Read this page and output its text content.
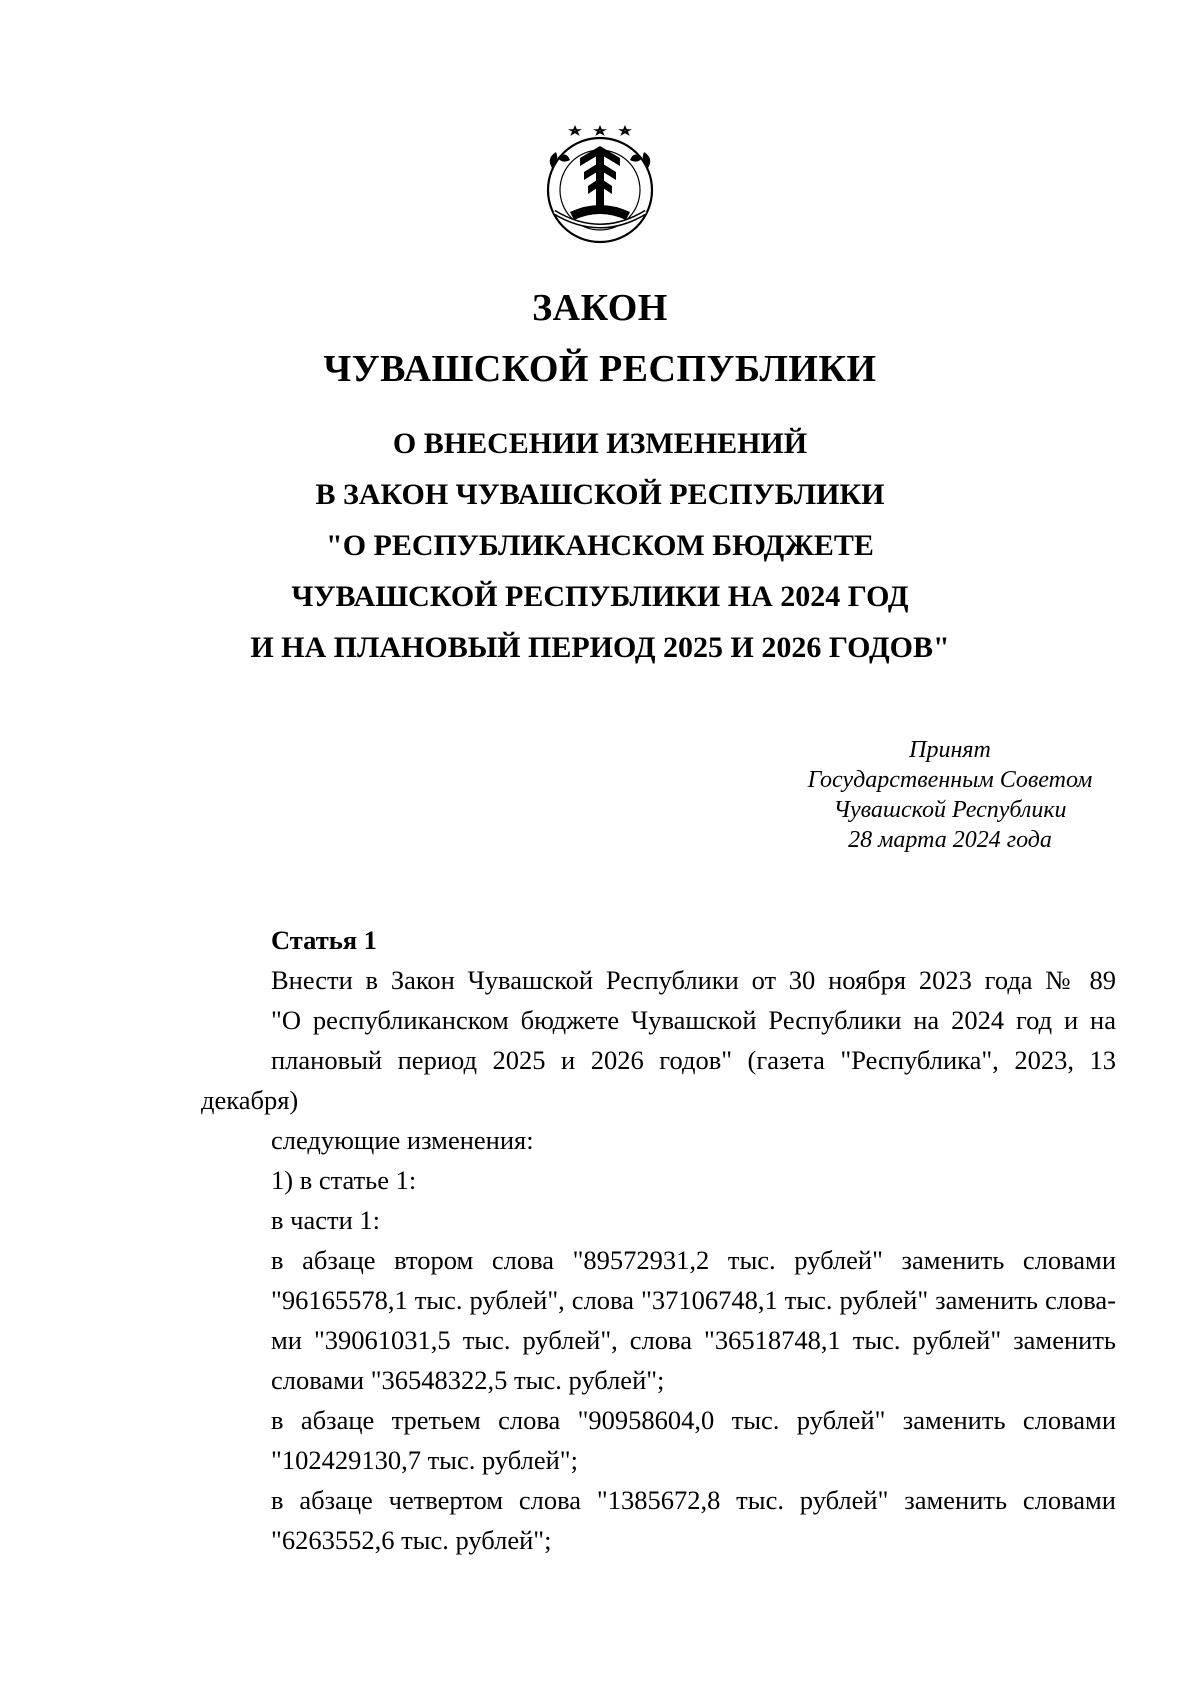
ЗАКОН
ЧУВАШСКОЙ РЕСПУБЛИКИ
О ВНЕСЕНИИ ИЗМЕНЕНИЙ
В ЗАКОН ЧУВАШСКОЙ РЕСПУБЛИКИ
"О РЕСПУБЛИКАНСКОМ БЮДЖЕТЕ
ЧУВАШСКОЙ РЕСПУБЛИКИ НА 2024 ГОД
И НА ПЛАНОВЫЙ ПЕРИОД 2025 И 2026 ГОДОВ"
Принят
Государственным Советом
Чувашской Республики
28 марта 2024 года

Статья 1

Внести в Закон Чувашской Республики от 30 ноября 2023 года № 89
"О республиканском бюджете Чувашской Республики на 2024 год и на
плановый период 2025 и 2026 годов" (газета "Республика", 2023, 13 декабря)
следующие изменения:
1) в статье 1:
в части 1:
в абзаце втором слова "89572931,2 тыс. рублей" заменить словами
"96165578,1 тыс. рублей", слова "37106748,1 тыс. рублей" заменить слова-
ми "39061031,5 тыс. рублей", слова "36518748,1 тыс. рублей" заменить
словами "36548322,5 тыс. рублей";
в абзаце третьем слова "90958604,0 тыс. рублей" заменить словами
"102429130,7 тыс. рублей";
в абзаце четвертом слова "1385672,8 тыс. рублей" заменить словами
"6263552,6 тыс. рублей";
